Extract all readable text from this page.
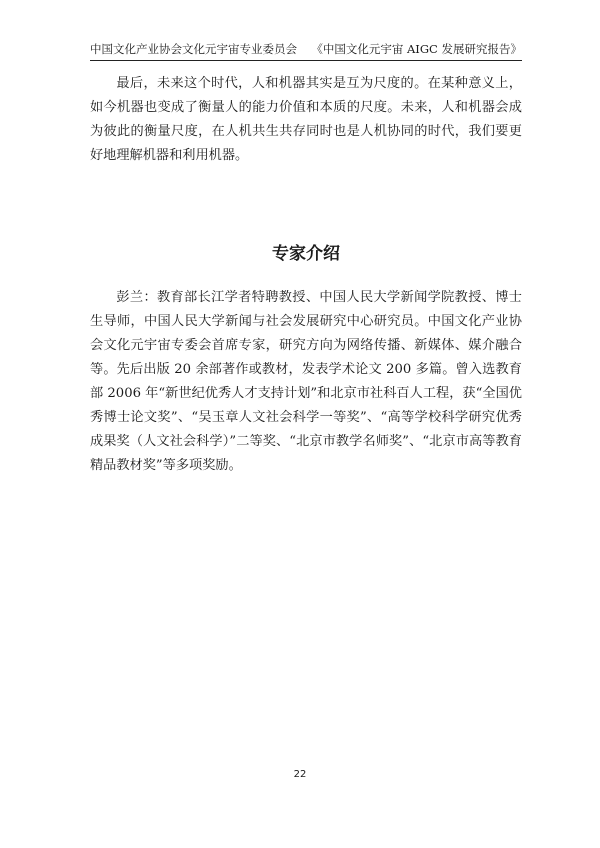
中国文化产业协会文化元宇宙专业委员会 《中国文化元宇宙 AIGC 发展研究报告》

最后，未来这个时代，人和机器其实是互为尺度的。在某种意义上，如今机器也变成了衡量人的能力价值和本质的尺度。未来，人和机器会成为彼此的衡量尺度，在人机共生共存同时也是人机协同的时代，我们要更好地理解机器和利用机器。

专家介绍

彭兰：教育部长江学者特聘教授、中国人民大学新闻学院教授、博士生导师，中国人民大学新闻与社会发展研究中心研究员。中国文化产业协会文化元宇宙专委会首席专家，研究方向为网络传播、新媒体、媒介融合等。先后出版 20 余部著作或教材，发表学术论文 200 多篇。曾入选教育部 2006 年“新世纪优秀人才支持计划”和北京市社科百人工程，获“全国优秀博士论文奖”、“吴玉章人文社会科学一等奖”、“高等学校科学研究优秀成果奖（人文社会科学）”二等奖、“北京市教学名师奖”、“北京市高等教育精品教材奖”等多项奖励。

22
